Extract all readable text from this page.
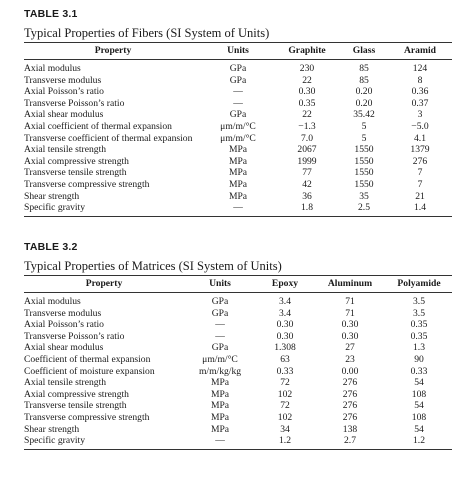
TABLE 3.1
Typical Properties of Fibers (SI System of Units)
Property	Units	Graphite	Glass	Aramid
Axial modulus	GPa	230	85	124
Transverse modulus	GPa	22	85	8
Axial Poisson’s ratio	—	0.30	0.20	0.36
Transverse Poisson’s ratio	—	0.35	0.20	0.37
Axial shear modulus	GPa	22	35.42	3
Axial coefficient of thermal expansion	μm/m/°C	−1.3	5	−5.0
Transverse coefficient of thermal expansion	μm/m/°C	7.0	5	4.1
Axial tensile strength	MPa	2067	1550	1379
Axial compressive strength	MPa	1999	1550	276
Transverse tensile strength	MPa	77	1550	7
Transverse compressive strength	MPa	42	1550	7
Shear strength	MPa	36	35	21
Specific gravity	—	1.8	2.5	1.4
TABLE 3.2
Typical Properties of Matrices (SI System of Units)
Property	Units	Epoxy	Aluminum	Polyamide
Axial modulus	GPa	3.4	71	3.5
Transverse modulus	GPa	3.4	71	3.5
Axial Poisson’s ratio	—	0.30	0.30	0.35
Transverse Poisson’s ratio	—	0.30	0.30	0.35
Axial shear modulus	GPa	1.308	27	1.3
Coefficient of thermal expansion	μm/m/°C	63	23	90
Coefficient of moisture expansion	m/m/kg/kg	0.33	0.00	0.33
Axial tensile strength	MPa	72	276	54
Axial compressive strength	MPa	102	276	108
Transverse tensile strength	MPa	72	276	54
Transverse compressive strength	MPa	102	276	108
Shear strength	MPa	34	138	54
Specific gravity	—	1.2	2.7	1.2
